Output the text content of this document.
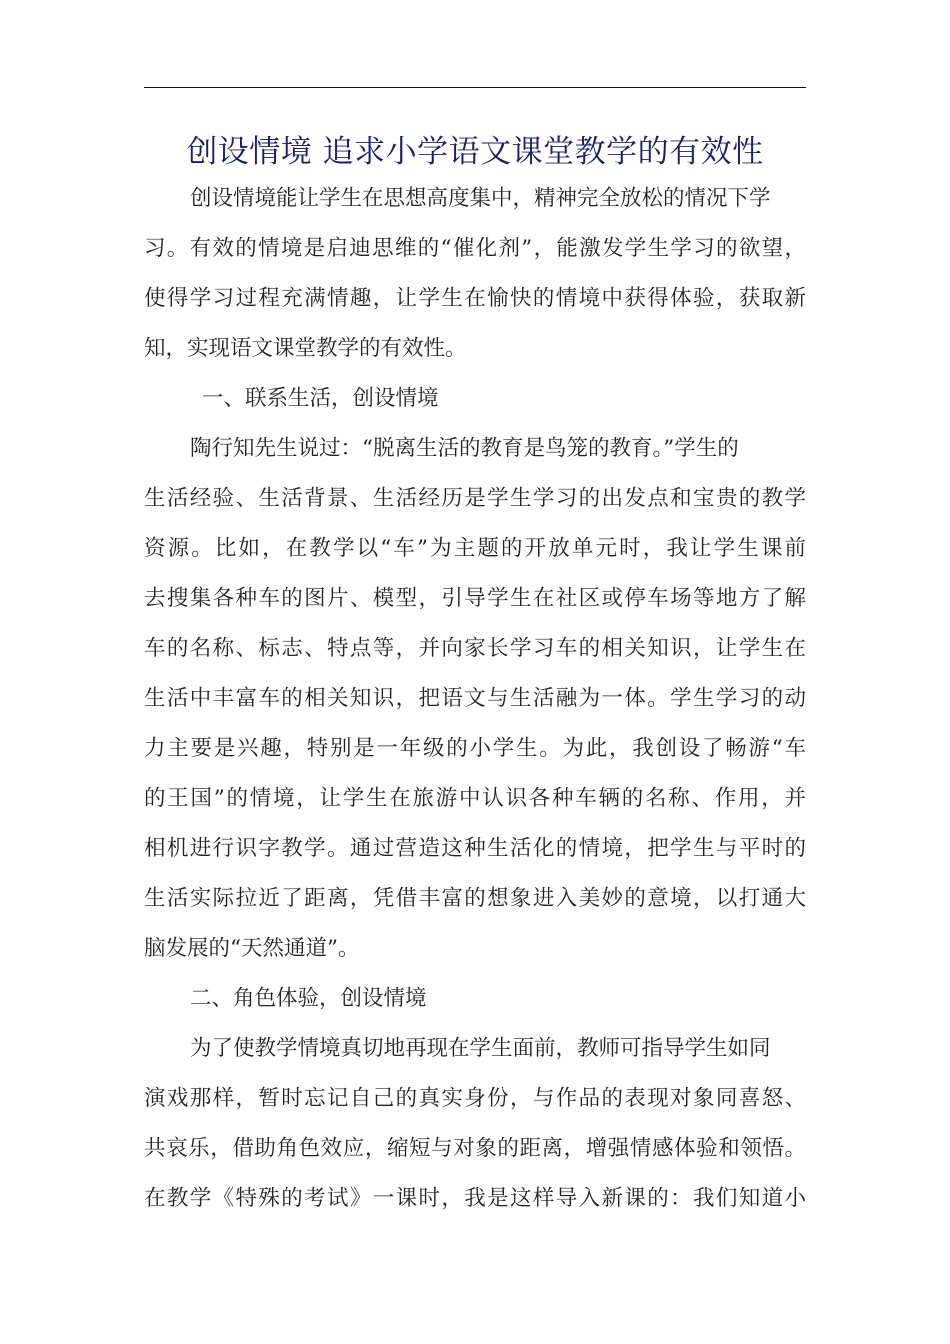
创设情境 追求小学语文课堂教学的有效性
创设情境能让学生在思想高度集中，精神完全放松的情况下学
习。有效的情境是启迪思维的“催化剂”，能激发学生学习的欲望，
使得学习过程充满情趣，让学生在愉快的情境中获得体验，获取新
知，实现语文课堂教学的有效性。
一、联系生活，创设情境
陶行知先生说过：“脱离生活的教育是鸟笼的教育。”学生的
生活经验、生活背景、生活经历是学生学习的出发点和宝贵的教学
资源。比如，在教学以“车”为主题的开放单元时，我让学生课前
去搜集各种车的图片、模型，引导学生在社区或停车场等地方了解
车的名称、标志、特点等，并向家长学习车的相关知识，让学生在
生活中丰富车的相关知识，把语文与生活融为一体。学生学习的动
力主要是兴趣，特别是一年级的小学生。为此，我创设了畅游“车
的王国”的情境，让学生在旅游中认识各种车辆的名称、作用，并
相机进行识字教学。通过营造这种生活化的情境，把学生与平时的
生活实际拉近了距离，凭借丰富的想象进入美妙的意境，以打通大
脑发展的“天然通道”。
二、角色体验，创设情境
为了使教学情境真切地再现在学生面前，教师可指导学生如同
演戏那样，暂时忘记自己的真实身份，与作品的表现对象同喜怒、
共哀乐，借助角色效应，缩短与对象的距离，增强情感体验和领悟。
在教学《特殊的考试》一课时，我是这样导入新课的：我们知道小
